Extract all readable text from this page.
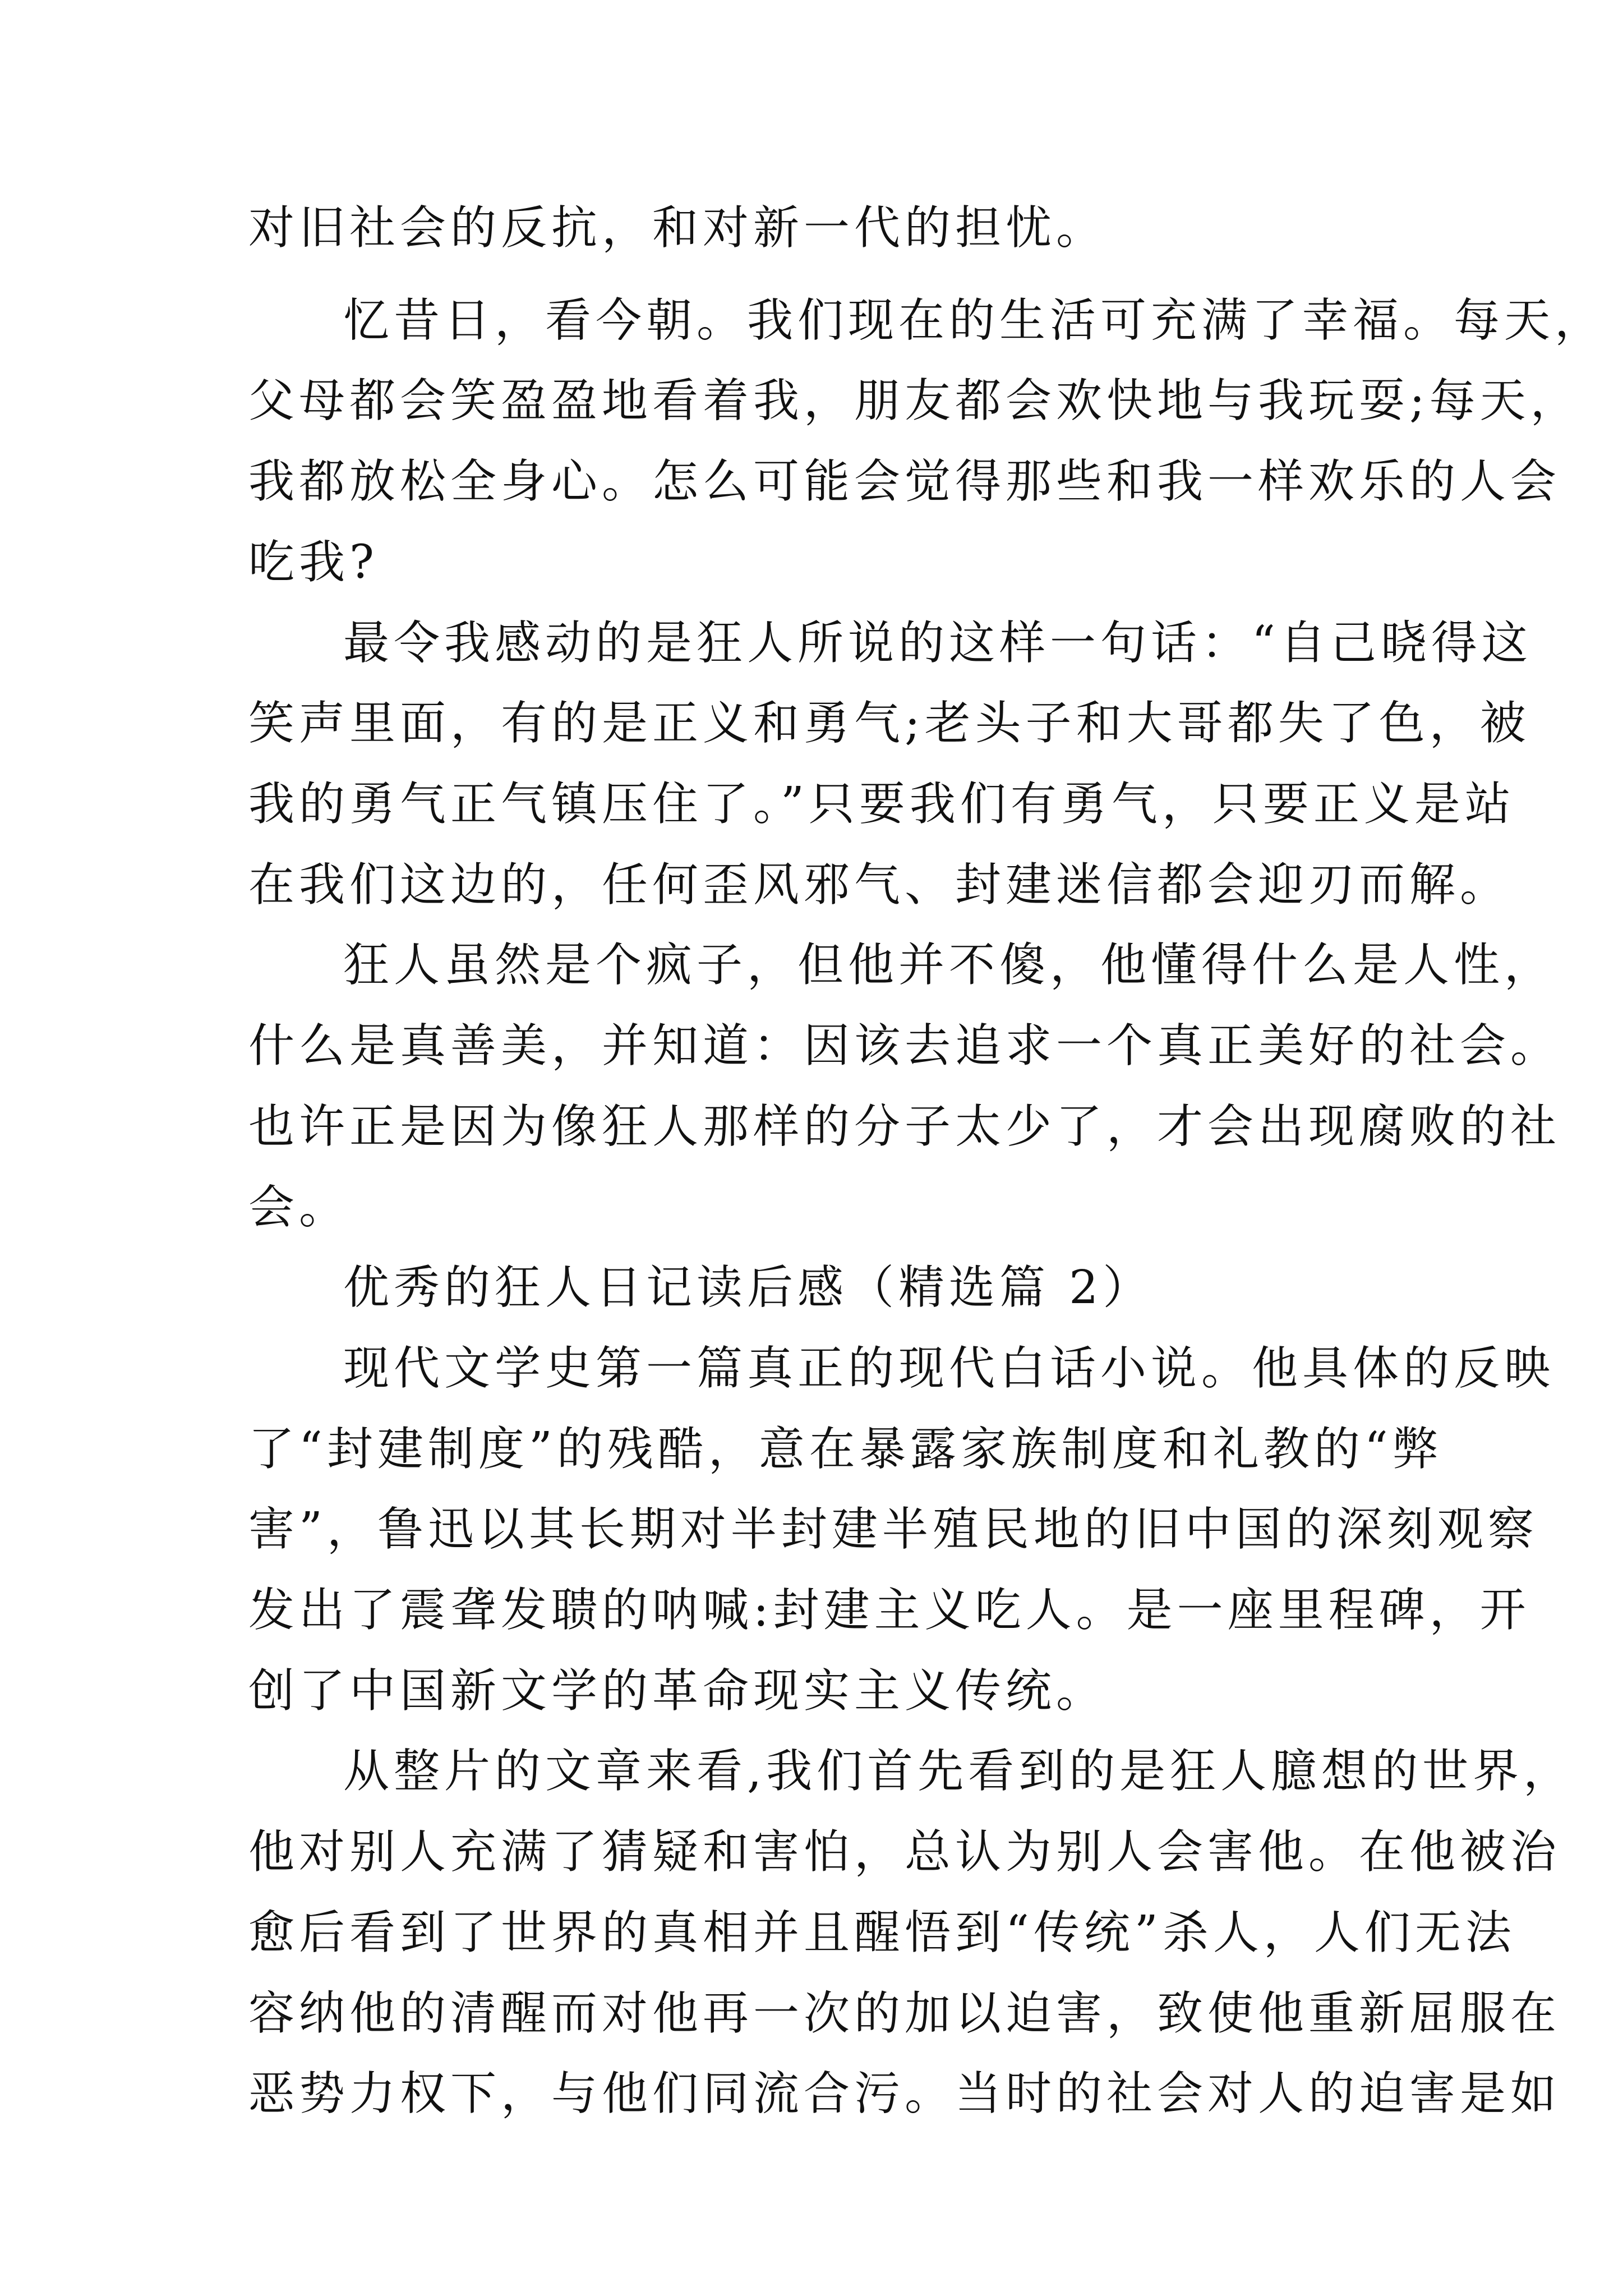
对旧社会的反抗，和对新一代的担忧。
忆昔日，看今朝。我们现在的生活可充满了幸福。每天，
父母都会笑盈盈地看着我，朋友都会欢快地与我玩耍;每天，
我都放松全身心。怎么可能会觉得那些和我一样欢乐的人会
吃我?
最令我感动的是狂人所说的这样一句话：“自己晓得这
笑声里面，有的是正义和勇气;老头子和大哥都失了色，被
我的勇气正气镇压住了。”只要我们有勇气，只要正义是站
在我们这边的，任何歪风邪气、封建迷信都会迎刃而解。
狂人虽然是个疯子，但他并不傻，他懂得什么是人性，
什么是真善美，并知道：因该去追求一个真正美好的社会。
也许正是因为像狂人那样的分子太少了，才会出现腐败的社
会。
优秀的狂人日记读后感（精选篇 2）
现代文学史第一篇真正的现代白话小说。他具体的反映
了“封建制度”的残酷，意在暴露家族制度和礼教的“弊
害”，鲁迅以其长期对半封建半殖民地的旧中国的深刻观察
发出了震聋发聩的呐喊:封建主义吃人。是一座里程碑，开
创了中国新文学的革命现实主义传统。
从整片的文章来看,我们首先看到的是狂人臆想的世界，
他对别人充满了猜疑和害怕，总认为别人会害他。在他被治
愈后看到了世界的真相并且醒悟到“传统”杀人，人们无法
容纳他的清醒而对他再一次的加以迫害，致使他重新屈服在
恶势力权下，与他们同流合污。当时的社会对人的迫害是如
